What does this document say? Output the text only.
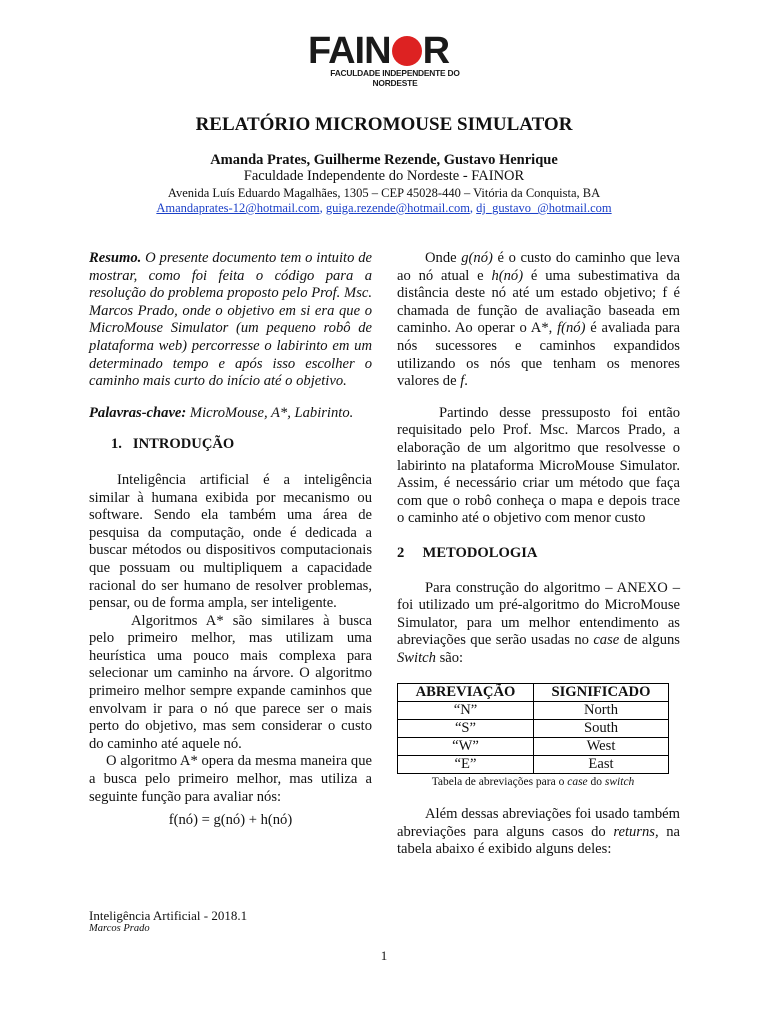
FAIN R
FACULDADE INDEPENDENTE DO NORDESTE
RELATÓRIO MICROMOUSE SIMULATOR
Amanda Prates, Guilherme Rezende, Gustavo Henrique
Faculdade Independente do Nordeste - FAINOR
Avenida Luís Eduardo Magalhães, 1305 – CEP 45028-440 – Vitória da Conquista, BA
Amandaprates-12@hotmail.com, guiga.rezende@hotmail.com, dj_gustavo_@hotmail.com

Resumo. O presente documento tem o intuito de mostrar, como foi feita o código para a resolução do problema proposto pelo Prof. Msc. Marcos Prado, onde o objetivo em si era que o MicroMouse Simulator (um pequeno robô de plataforma web) percorresse o labirinto em um determinado tempo e após isso escolher o caminho mais curto do início até o objetivo.

Palavras-chave: MicroMouse, A*, Labirinto.

1. INTRODUÇÃO

Inteligência artificial é a inteligência similar à humana exibida por mecanismo ou software. Sendo ela também uma área de pesquisa da computação, onde é dedicada a buscar métodos ou dispositivos computacionais que possuam ou multipliquem a capacidade racional do ser humano de resolver problemas, pensar, ou de forma ampla, ser inteligente.

Algoritmos A* são similares à busca pelo primeiro melhor, mas utilizam uma heurística uma pouco mais complexa para selecionar um caminho na árvore. O algoritmo primeiro melhor sempre expande caminhos que envolvam ir para o nó que parece ser o mais perto do objetivo, mas sem considerar o custo do caminho até aquele nó.

O algoritmo A* opera da mesma maneira que a busca pelo primeiro melhor, mas utiliza a seguinte função para avaliar nós:

f(nó) = g(nó) + h(nó)

Onde g(nó) é o custo do caminho que leva ao nó atual e h(nó) é uma subestimativa da distância deste nó até um estado objetivo; f é chamada de função de avaliação baseada em caminho. Ao operar o A*, f(nó) é avaliada para nós sucessores e caminhos expandidos utilizando os nós que tenham os menores valores de f.

Partindo desse pressuposto foi então requisitado pelo Prof. Msc. Marcos Prado, a elaboração de um algoritmo que resolvesse o labirinto na plataforma MicroMouse Simulator. Assim, é necessário criar um método que faça com que o robô conheça o mapa e depois trace o caminho até o objetivo com menor custo

2 METODOLOGIA

Para construção do algoritmo – ANEXO – foi utilizado um pré-algoritmo do MicroMouse Simulator, para um melhor entendimento as abreviações que serão usadas no case de alguns Switch são:

ABREVIAÇÃO	SIGNIFICADO
“N”	North
“S”	South
“W”	West
“E”	East
Tabela de abreviações para o case do switch

Além dessas abreviações foi usado também abreviações para alguns casos do returns, na tabela abaixo é exibido alguns deles:

Inteligência Artificial - 2018.1
Marcos Prado
1
